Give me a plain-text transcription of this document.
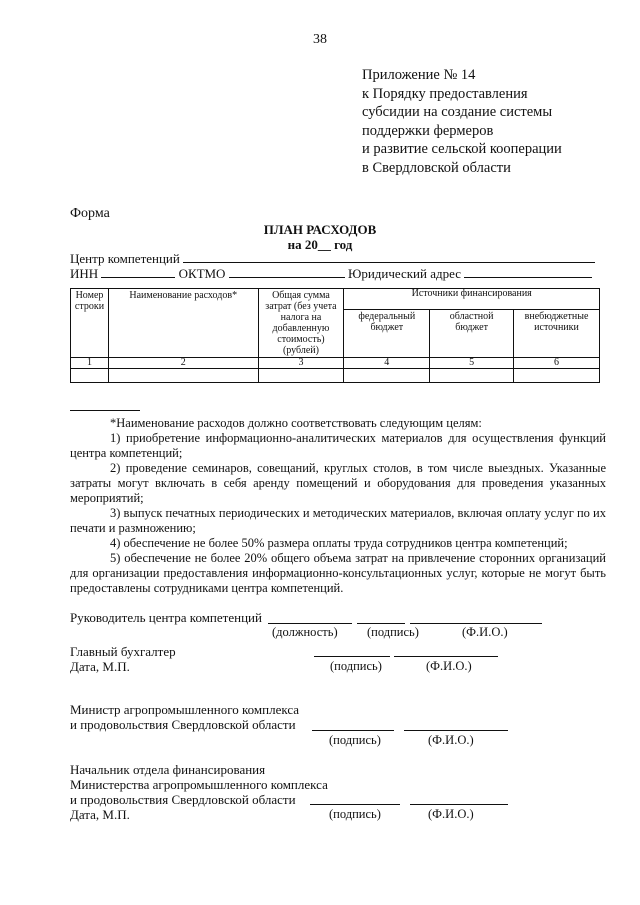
38
Приложение № 14
к Порядку предоставления
субсидии на создание системы
поддержки фермеров
и развитие сельской кооперации
в Свердловской области
Форма
ПЛАН РАСХОДОВ
на 20__ год
Центр компетенций
ИНН	ОКТМО	Юридический адрес
Номер строки	Наименование расходов*	Общая сумма затрат (без учета налога на добавленную стоимость) (рублей)	Источники финансирования		
			федеральный бюджет	областной бюджет	внебюджетные источники
1	2	3	4	5	6

*Наименование расходов должно соответствовать следующим целям:

1) приобретение информационно-аналитических материалов для осуществления функций центра компетенций;

2) проведение семинаров, совещаний, круглых столов, в том числе выездных. Указанные затраты могут включать в себя аренду помещений и оборудования для проведения указанных мероприятий;

3) выпуск печатных периодических и методических материалов, включая оплату услуг по их печати и размножению;

4) обеспечение не более 50% размера оплаты труда сотрудников центра компетенций;

5) обеспечение не более 20% общего объема затрат на привлечение сторонних организаций для организации предоставления информационно-консультационных услуг, которые не могут быть предоставлены сотрудниками центра компетенций.

Руководитель центра компетенций
(должность) (подпись)	(Ф.И.О.)
Главный бухгалтер
Дата, М.П.	(подпись)	(Ф.И.О.)
Министр агропромышленного комплекса
и продовольствия Свердловской области
(подпись)	(Ф.И.О.)
Начальник отдела финансирования
Министерства агропромышленного комплекса
и продовольствия Свердловской области
Дата, М.П.	(подпись)	(Ф.И.О.)
